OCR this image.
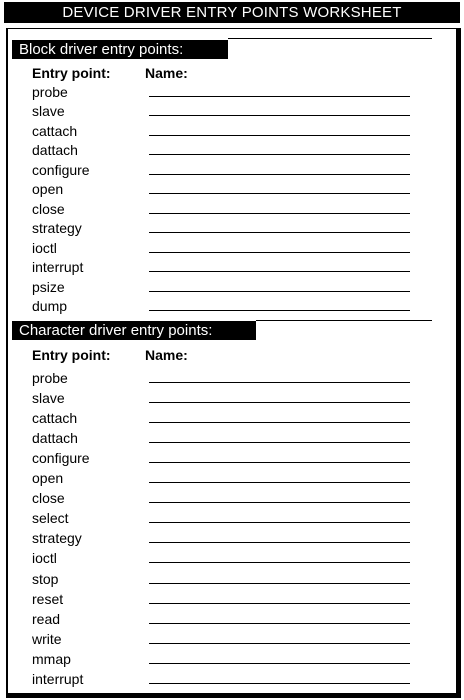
DEVICE DRIVER ENTRY POINTS WORKSHEET
Block driver entry points:
Entry point: Name:
probe
slave
cattach
dattach
configure
open
close
strategy
ioctl
interrupt
psize
dump
Character driver entry points:
Entry point: Name:
probe
slave
cattach
dattach
configure
open
close
select
strategy
ioctl
stop
reset
read
write
mmap
interrupt
